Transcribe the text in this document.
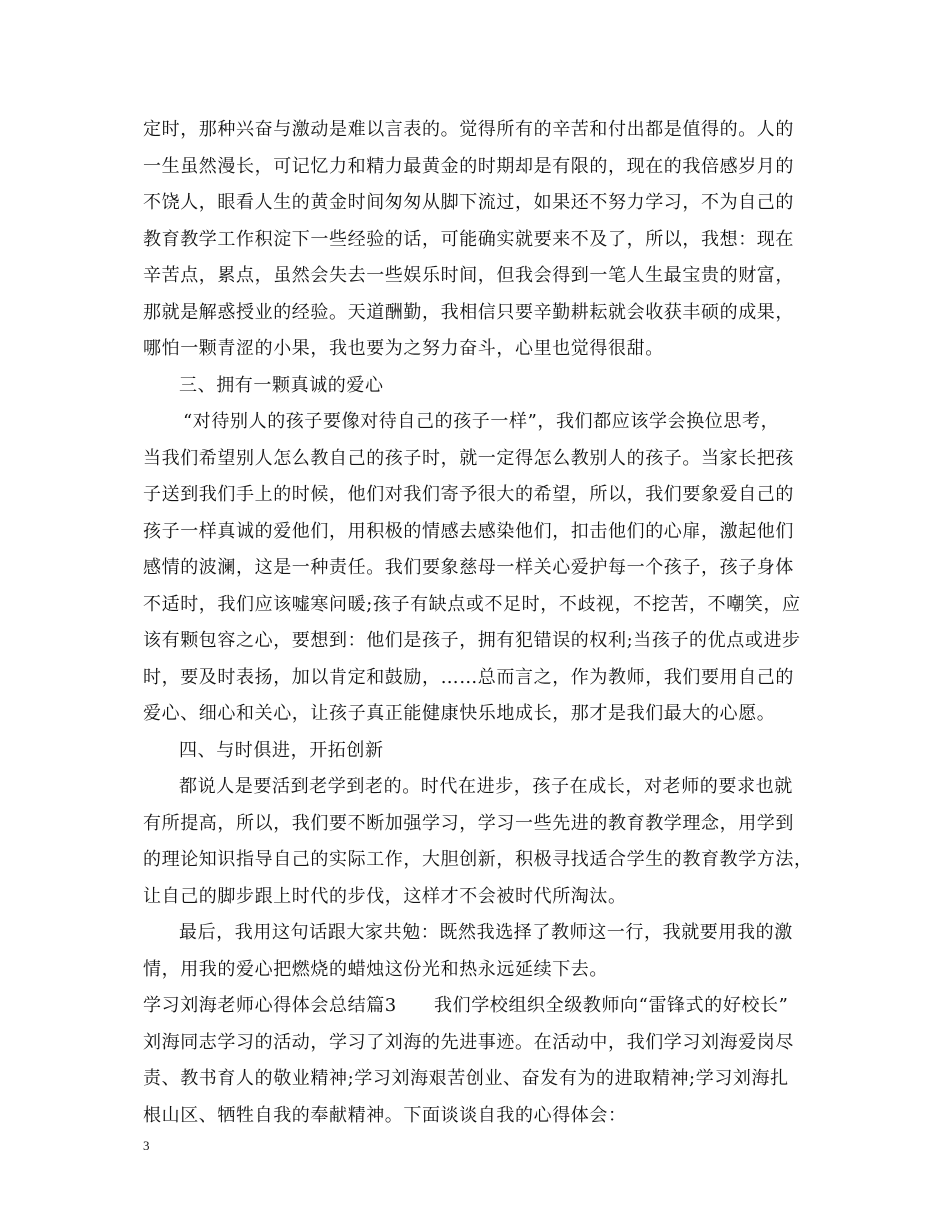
定时，那种兴奋与激动是难以言表的。觉得所有的辛苦和付出都是值得的。人的
一生虽然漫长，可记忆力和精力最黄金的时期却是有限的，现在的我倍感岁月的
不饶人，眼看人生的黄金时间匆匆从脚下流过，如果还不努力学习，不为自己的
教育教学工作积淀下一些经验的话，可能确实就要来不及了，所以，我想：现在
辛苦点，累点，虽然会失去一些娱乐时间，但我会得到一笔人生最宝贵的财富，
那就是解惑授业的经验。天道酬勤，我相信只要辛勤耕耘就会收获丰硕的成果，
哪怕一颗青涩的小果，我也要为之努力奋斗，心里也觉得很甜。
三、拥有一颗真诚的爱心
“对待别人的孩子要像对待自己的孩子一样”，我们都应该学会换位思考，
当我们希望别人怎么教自己的孩子时，就一定得怎么教别人的孩子。当家长把孩
子送到我们手上的时候，他们对我们寄予很大的希望，所以，我们要象爱自己的
孩子一样真诚的爱他们，用积极的情感去感染他们，扣击他们的心扉，激起他们
感情的波澜，这是一种责任。我们要象慈母一样关心爱护每一个孩子，孩子身体
不适时，我们应该嘘寒问暖;孩子有缺点或不足时，不歧视，不挖苦，不嘲笑，应
该有颗包容之心，要想到：他们是孩子，拥有犯错误的权利;当孩子的优点或进步
时，要及时表扬，加以肯定和鼓励，……总而言之，作为教师，我们要用自己的
爱心、细心和关心，让孩子真正能健康快乐地成长，那才是我们最大的心愿。
四、与时俱进，开拓创新
都说人是要活到老学到老的。时代在进步，孩子在成长，对老师的要求也就
有所提高，所以，我们要不断加强学习，学习一些先进的教育教学理念，用学到
的理论知识指导自己的实际工作，大胆创新，积极寻找适合学生的教育教学方法，
让自己的脚步跟上时代的步伐，这样才不会被时代所淘汰。
最后，我用这句话跟大家共勉：既然我选择了教师这一行，我就要用我的激
情，用我的爱心把燃烧的蜡烛这份光和热永远延续下去。
学习刘海老师心得体会总结篇3　　我们学校组织全级教师向“雷锋式的好校长”
刘海同志学习的活动，学习了刘海的先进事迹。在活动中，我们学习刘海爱岗尽
责、教书育人的敬业精神;学习刘海艰苦创业、奋发有为的进取精神;学习刘海扎
根山区、牺牲自我的奉献精神。下面谈谈自我的心得体会：
3
